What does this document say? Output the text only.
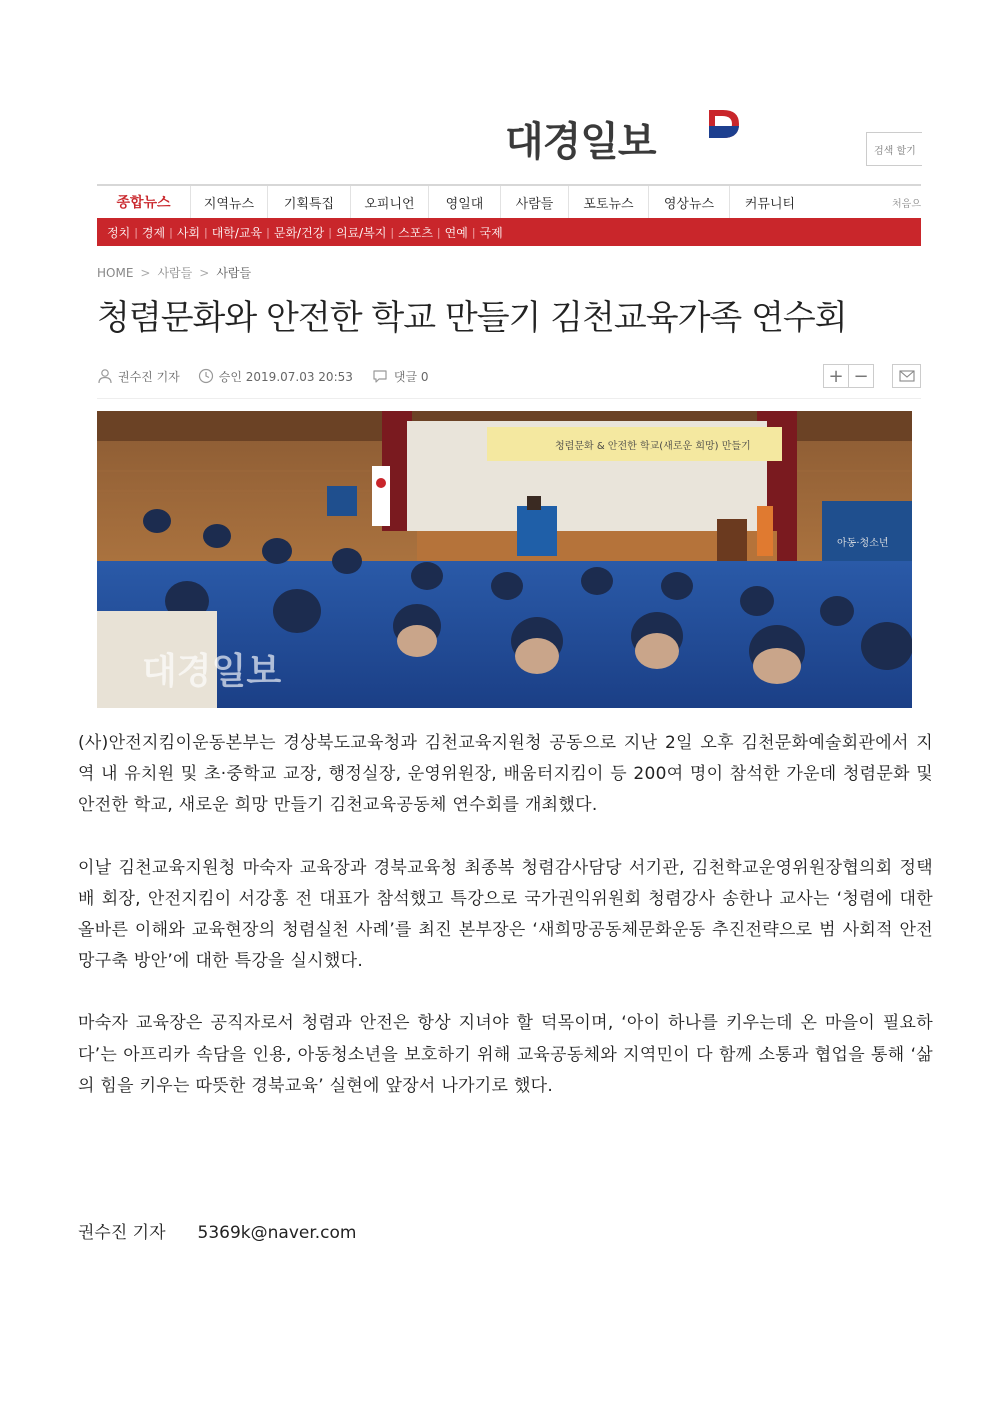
대경일보	검색 할기
종합뉴스	지역뉴스	기획특집	오피니언	영일대	사람들	포토뉴스	영상뉴스	커뮤니티	처음으
정치 | 경제 | 사회 | 대학/교육 | 문화/건강 | 의료/복지 | 스포츠 | 연예 | 국제
HOME > 사람들 > 사람들
청렴문화와 안전한 학교 만들기 김천교육가족 연수회
권수진 기자	승인 2019.07.03 20:53	댓글 0	+ −
청렴문화 & 안전한 학교(새로운 희망) 만들기
아동·청소년
대경일보

(사)안전지킴이운동본부는 경상북도교육청과 김천교육지원청 공동으로 지난 2일 오후 김천문화예술회관에서 지역 내 유치원 및 초·중학교 교장, 행정실장, 운영위원장, 배움터지킴이 등 200여 명이 참석한 가운데 청렴문화 및 안전한 학교, 새로운 희망 만들기 김천교육공동체 연수회를 개최했다.

이날 김천교육지원청 마숙자 교육장과 경북교육청 최종복 청렴감사담당 서기관, 김천학교운영위원장협의회 정택배 회장, 안전지킴이 서강홍 전 대표가 참석했고 특강으로 국가권익위원회 청렴강사 송한나 교사는 ‘청렴에 대한 올바른 이해와 교육현장의 청렴실천 사례’를 최진 본부장은 ‘새희망공동체문화운동 추진전략으로 범 사회적 안전망구축 방안’에 대한 특강을 실시했다.

마숙자 교육장은 공직자로서 청렴과 안전은 항상 지녀야 할 덕목이며, ‘아이 하나를 키우는데 온 마을이 필요하다’는 아프리카 속담을 인용, 아동청소년을 보호하기 위해 교육공동체와 지역민이 다 함께 소통과 협업을 통해 ‘삶의 힘을 키우는 따뜻한 경북교육’ 실현에 앞장서 나가기로 했다.

권수진 기자 5369k@naver.com
